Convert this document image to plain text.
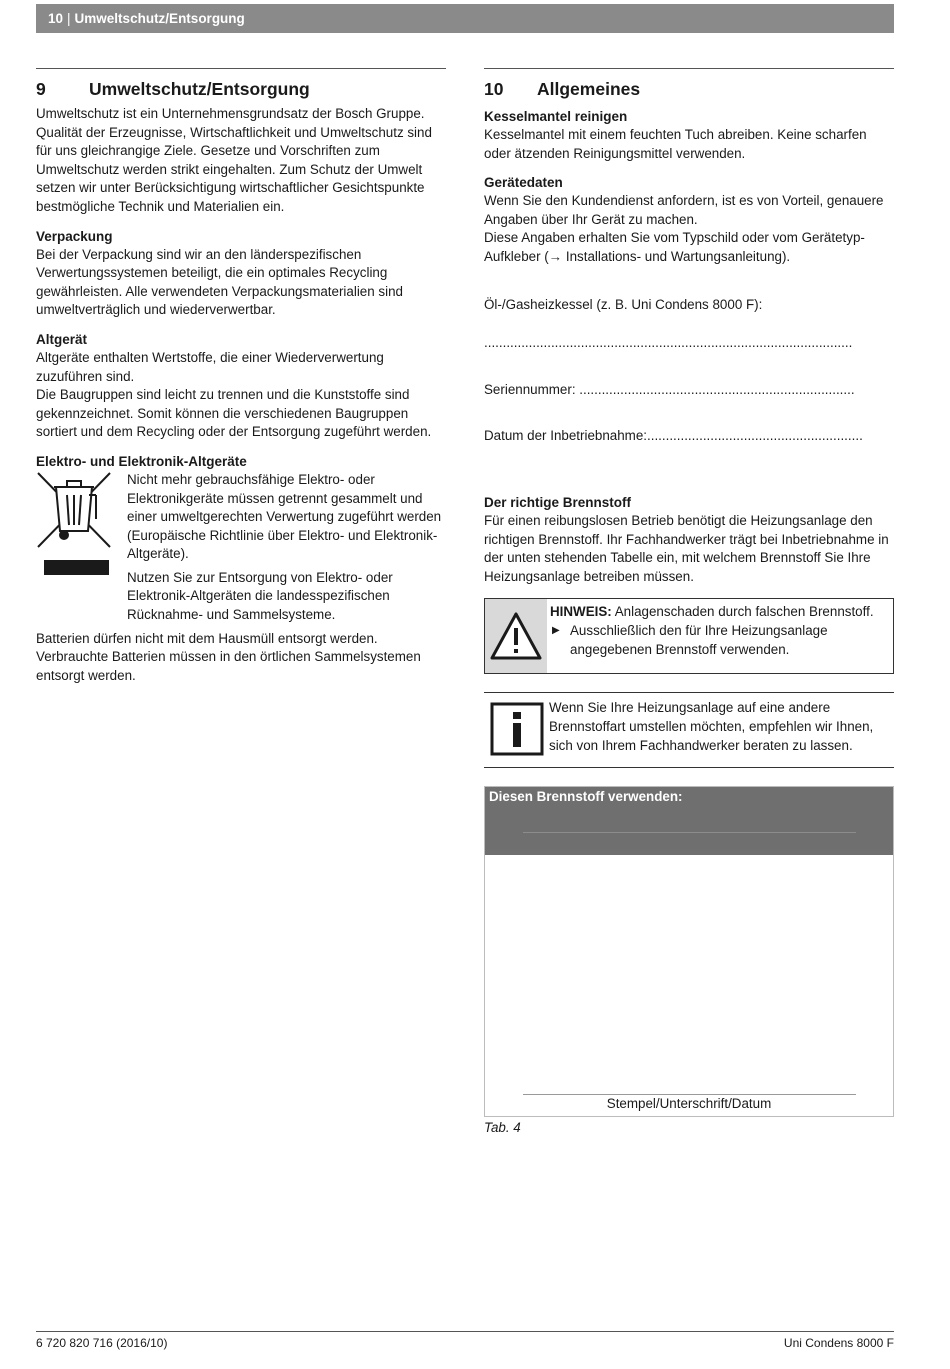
10 | Umweltschutz/Entsorgung
9	Umweltschutz/Entsorgung

Umweltschutz ist ein Unternehmensgrundsatz der Bosch Gruppe. Qualität der Erzeugnisse, Wirtschaftlichkeit und Umweltschutz sind für uns gleichrangige Ziele. Gesetze und Vorschriften zum Umweltschutz werden strikt eingehalten. Zum Schutz der Umwelt setzen wir unter Berücksichtigung wirtschaftlicher Gesichtspunkte bestmögliche Technik und Materialien ein.

Verpackung

Bei der Verpackung sind wir an den länderspezifischen Verwertungssystemen beteiligt, die ein optimales Recycling gewährleisten. Alle verwendeten Verpackungsmaterialien sind umweltverträglich und wiederverwertbar.

Altgerät

Altgeräte enthalten Wertstoffe, die einer Wiederverwertung zuzuführen sind.

Die Baugruppen sind leicht zu trennen und die Kunststoffe sind gekennzeichnet. Somit können die verschiedenen Baugruppen sortiert und dem Recycling oder der Entsorgung zugeführt werden.

Elektro- und Elektronik-Altgeräte

Nicht mehr gebrauchsfähige Elektro- oder Elektronikgeräte müssen getrennt gesammelt und einer umweltgerechten Verwertung zugeführt werden (Europäische Richtlinie über Elektro- und Elektronik-Altgeräte).

Nutzen Sie zur Entsorgung von Elektro- oder Elektronik-Altgeräten die landesspezifischen Rücknahme- und Sammelsysteme.

Batterien dürfen nicht mit dem Hausmüll entsorgt werden. Verbrauchte Batterien müssen in den örtlichen Sammelsystemen entsorgt werden.

10	Allgemeines
Kesselmantel reinigen

Kesselmantel mit einem feuchten Tuch abreiben. Keine scharfen oder ätzenden Reinigungsmittel verwenden.

Gerätedaten

Wenn Sie den Kundendienst anfordern, ist es von Vorteil, genauere Angaben über Ihr Gerät zu machen.

Diese Angaben erhalten Sie vom Typschild oder vom Gerätetyp-Aufkleber (→ Installations- und Wartungsanleitung).

Öl-/Gasheizkessel (z. B. Uni Condens 8000 F):

...................................................................................................

Seriennummer: ..........................................................................

Datum der Inbetriebnahme:..........................................................

Der richtige Brennstoff

Für einen reibungslosen Betrieb benötigt die Heizungsanlage den richtigen Brennstoff. Ihr Fachhandwerker trägt bei Inbetriebnahme in der unten stehenden Tabelle ein, mit welchem Brennstoff Sie Ihre Heizungsanlage betreiben müssen.

HINWEIS: Anlagenschaden durch falschen Brennstoff.

▶ Ausschließlich den für Ihre Heizungsanlage angegebenen Brennstoff verwenden.

Wenn Sie Ihre Heizungsanlage auf eine andere Brennstoffart umstellen möchten, empfehlen wir Ihnen, sich von Ihrem Fachhandwerker beraten zu lassen.

Diesen Brennstoff verwenden:
Stempel/Unterschrift/Datum

Tab. 4

6 720 820 716 (2016/10)	Uni Condens 8000 F
